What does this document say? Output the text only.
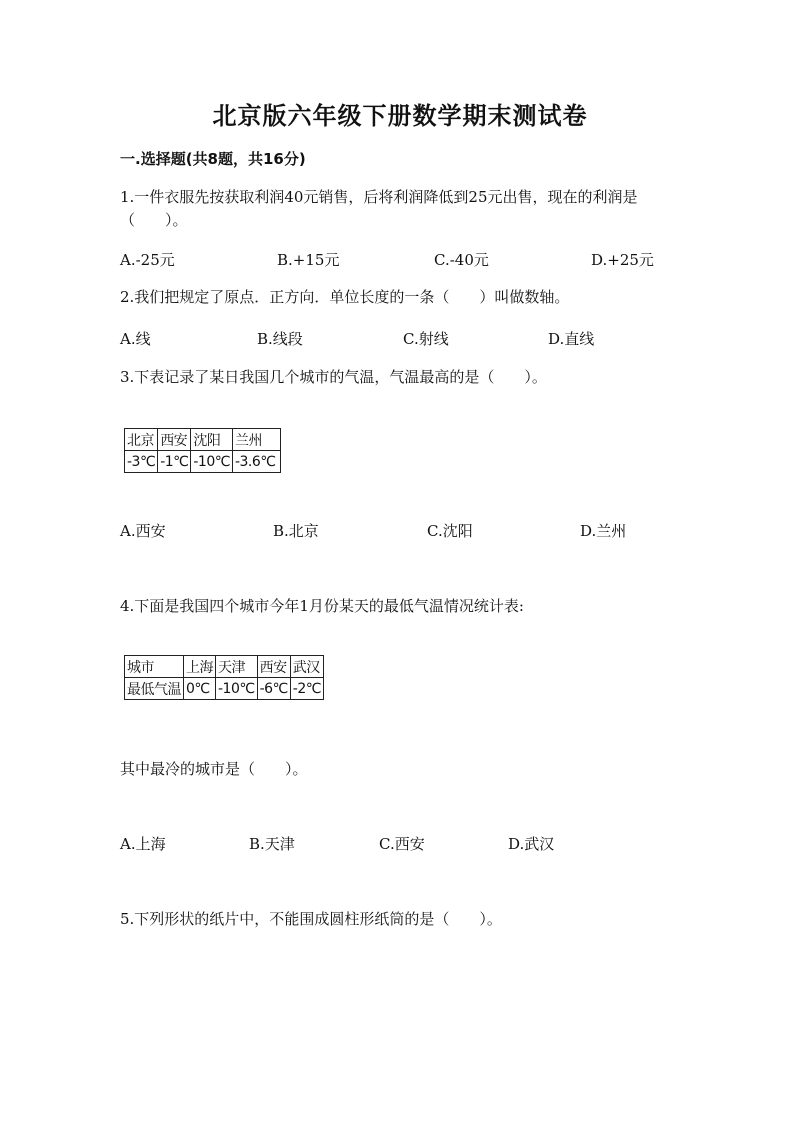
北京版六年级下册数学期末测试卷
一.选择题(共8题，共16分)
1.一件衣服先按获取利润40元销售，后将利润降低到25元出售，现在的利润是（　　）。
A.-25元	B.+15元	C.-40元	D.+25元
2.我们把规定了原点．正方向．单位长度的一条（　　）叫做数轴。
A.线	B.线段	C.射线	D.直线
3.下表记录了某日我国几个城市的气温，气温最高的是（　　）。
北京	西安	沈阳	兰州
-3℃	-1℃	-10℃	-3.6℃
A.西安	B.北京	C.沈阳	D.兰州
4.下面是我国四个城市今年1月份某天的最低气温情况统计表:
城市	上海	天津	西安	武汉
最低气温	0℃	-10℃	-6℃	-2℃
其中最冷的城市是（　　）。
A.上海	B.天津	C.西安	D.武汉
5.下列形状的纸片中，不能围成圆柱形纸筒的是（　　）。
